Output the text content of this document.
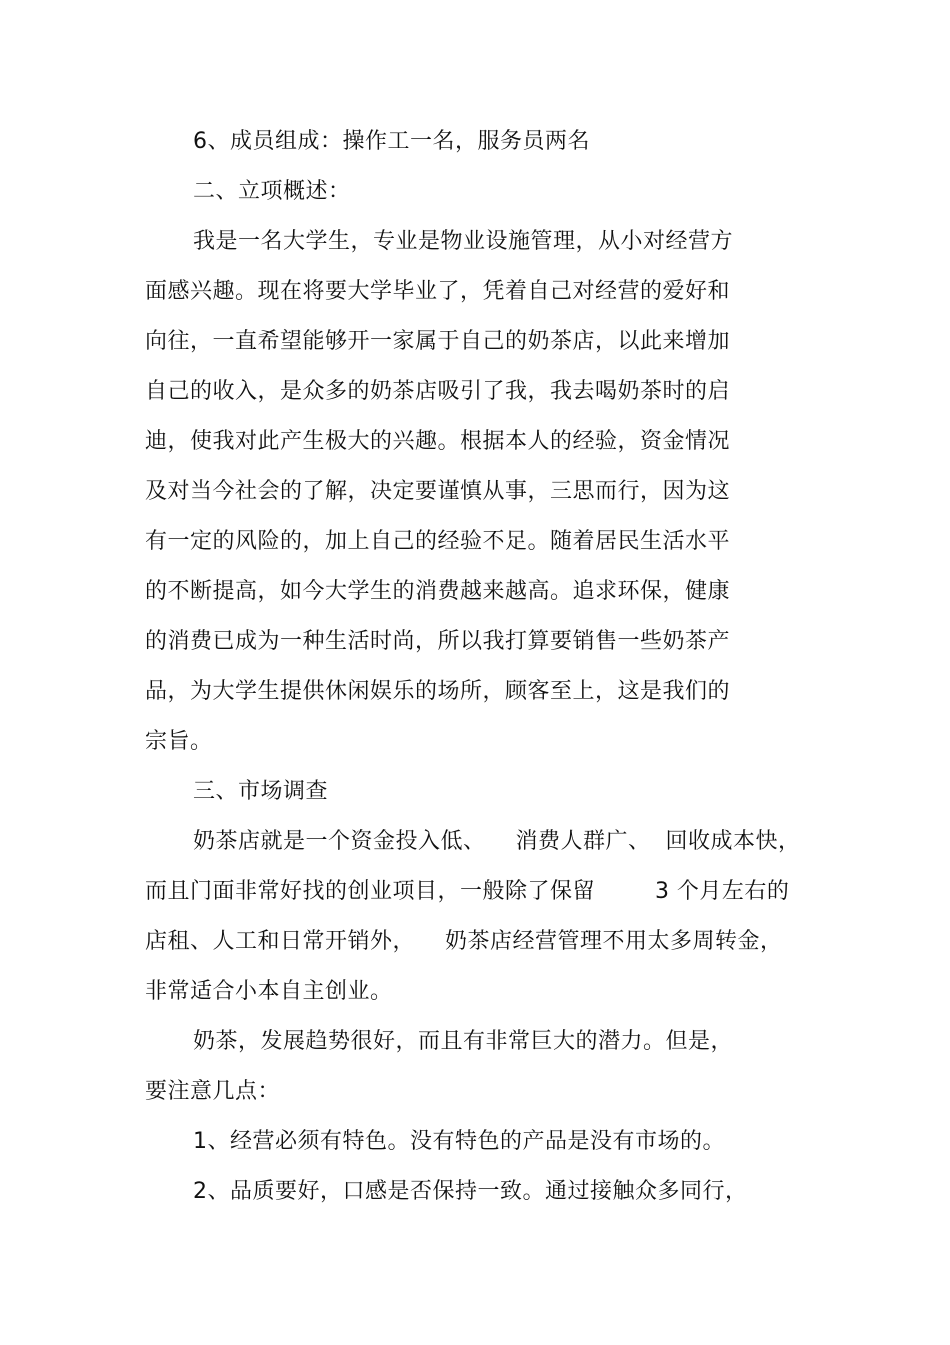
6、成员组成：操作工一名，服务员两名
二、立项概述：
我是一名大学生，专业是物业设施管理，从小对经营方
面感兴趣。现在将要大学毕业了，凭着自己对经营的爱好和
向往，一直希望能够开一家属于自己的奶茶店，以此来增加
自己的收入，是众多的奶茶店吸引了我，我去喝奶茶时的启
迪，使我对此产生极大的兴趣。根据本人的经验，资金情况
及对当今社会的了解，决定要谨慎从事，三思而行，因为这
有一定的风险的，加上自己的经验不足。随着居民生活水平
的不断提高，如今大学生的消费越来越高。追求环保，健康
的消费已成为一种生活时尚，所以我打算要销售一些奶茶产
品，为大学生提供休闲娱乐的场所，顾客至上，这是我们的
宗旨。
三、市场调查
奶茶店就是一个资金投入低、    消费人群广、  回收成本快，
而且门面非常好找的创业项目，一般除了保留        3 个月左右的
店租、人工和日常开销外，    奶茶店经营管理不用太多周转金，
非常适合小本自主创业。
奶茶，发展趋势很好，而且有非常巨大的潜力。但是，
要注意几点：
1、经营必须有特色。没有特色的产品是没有市场的。
2、品质要好，口感是否保持一致。通过接触众多同行，
